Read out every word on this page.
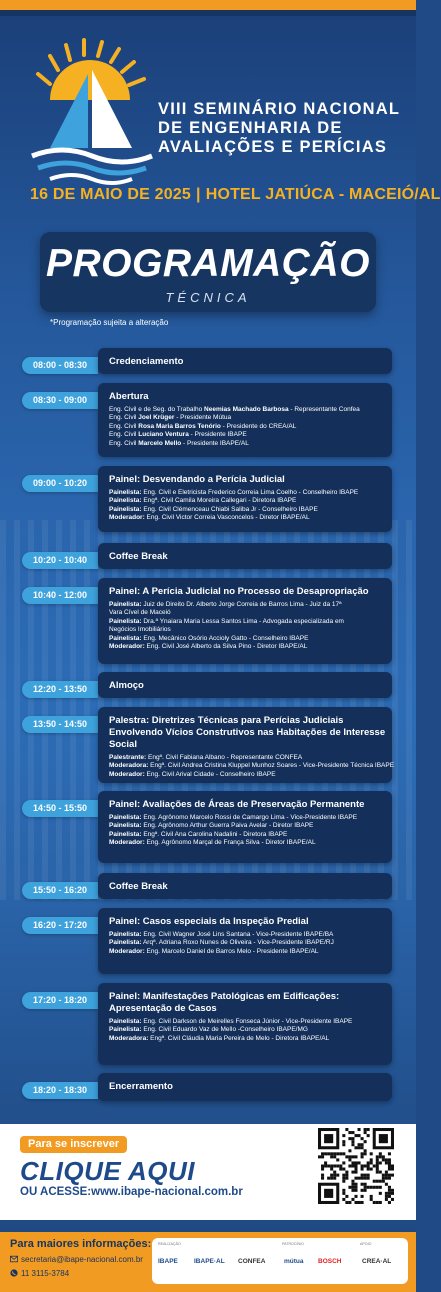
VIII SEMINÁRIO NACIONAL
DE ENGENHARIA DE
AVALIAÇÕES E PERÍCIAS
16 DE MAIO DE 2025 | HOTEL JATIÚCA - MACEIÓ/AL
PROGRAMAÇÃO
TÉCNICA
*Programação sujeita a alteração
08:00 - 08:30	Credenciamento
08:30 - 09:00	Abertura
Eng. Civil e de Seg. do Trabalho Neemias Machado Barbosa - Representante Confea
Eng. Civil Joel Krüger - Presidente Mútua
Eng. Civil Rosa Maria Barros Tenório - Presidente do CREA/AL
Eng. Civil Luciano Ventura - Presidente IBAPE
Eng. Civil Marcelo Mello - Presidente IBAPE/AL
09:00 - 10:20	Painel: Desvendando a Perícia Judicial
Painelista: Eng. Civil e Eletricista Frederico Correia Lima Coelho - Conselheiro IBAPE
Painelista: Engª. Civil Camila Moreira Callegari - Diretora IBAPE
Painelista: Eng. Civil Clémenceau Chiabi Saliba Jr - Conselheiro IBAPE
Moderador: Eng. Civil Victor Correia Vasconcelos - Diretor IBAPE/AL
10:20 - 10:40	Coffee Break
10:40 - 12:00	Painel: A Perícia Judicial no Processo de Desapropriação
Painelista: Juiz de Direito Dr. Alberto Jorge Correia de Barros Lima - Juiz da 17ª
Vara Cível de Maceió
Painelista: Dra.ª Ynaiara Maria Lessa Santos Lima - Advogada especializada em
Negócios Imobiliários
Painelista: Eng. Mecânico Osório Accioly Gatto - Conselheiro IBAPE
Moderador: Eng. Civil José Alberto da Silva Pino - Diretor IBAPE/AL
12:20 - 13:50	Almoço
13:50 - 14:50	Palestra: Diretrizes Técnicas para Perícias Judiciais Envolvendo Vícios Construtivos nas Habitações de Interesse Social
Palestrante: Engª. Civil Fabiana Albano - Representante CONFEA
Moderadora: Engª. Civil Andrea Cristina Kluppel Munhoz Soares - Vice-Presidente Técnica IBAPE
Moderador: Eng. Civil Arival Cidade - Conselheiro IBAPE
14:50 - 15:50	Painel: Avaliações de Áreas de Preservação Permanente
Painelista: Eng. Agrônomo Marcelo Rossi de Camargo Lima - Vice-Presidente IBAPE
Painelista: Eng. Agrônomo Arthur Guerra Paiva Avelar - Diretor IBAPE
Painelista: Engª. Civil Ana Carolina Nadalini - Diretora IBAPE
Moderador: Eng. Agrônomo Marçal de França Silva - Diretor IBAPE/AL
15:50 - 16:20	Coffee Break
16:20 - 17:20	Painel: Casos especiais da Inspeção Predial
Painelista: Eng. Civil Wagner José Lins Santana - Vice-Presidente IBAPE/BA
Painelista: Arqª. Adriana Roxo Nunes de Oliveira - Vice-Presidente IBAPE/RJ
Moderador: Eng. Marcelo Daniel de Barros Melo - Presidente IBAPE/AL
17:20 - 18:20	Painel: Manifestações Patológicas em Edificações: Apresentação de Casos
Painelista: Eng. Civil Darkson de Meirelles Fonseca Júnior - Vice-Presidente IBAPE
Painelista: Eng. Civil Eduardo Vaz de Mello -Conselheiro IBAPE/MG
Moderadora: Engª. Civil Cláudia Maria Pereira de Melo - Diretora IBAPE/AL
18:20 - 18:30	Encerramento
Para se inscrever
CLIQUE AQUI
OU ACESSE:www.ibape-nacional.com.br
Para maiores informações:
secretaria@ibape-nacional.com.br
11 3115-3784
REALIZAÇÃO	PATROCÍNIO	APOIO
IBAPE IBAPE·AL CONFEA	mútua BOSCH	CREA·AL
